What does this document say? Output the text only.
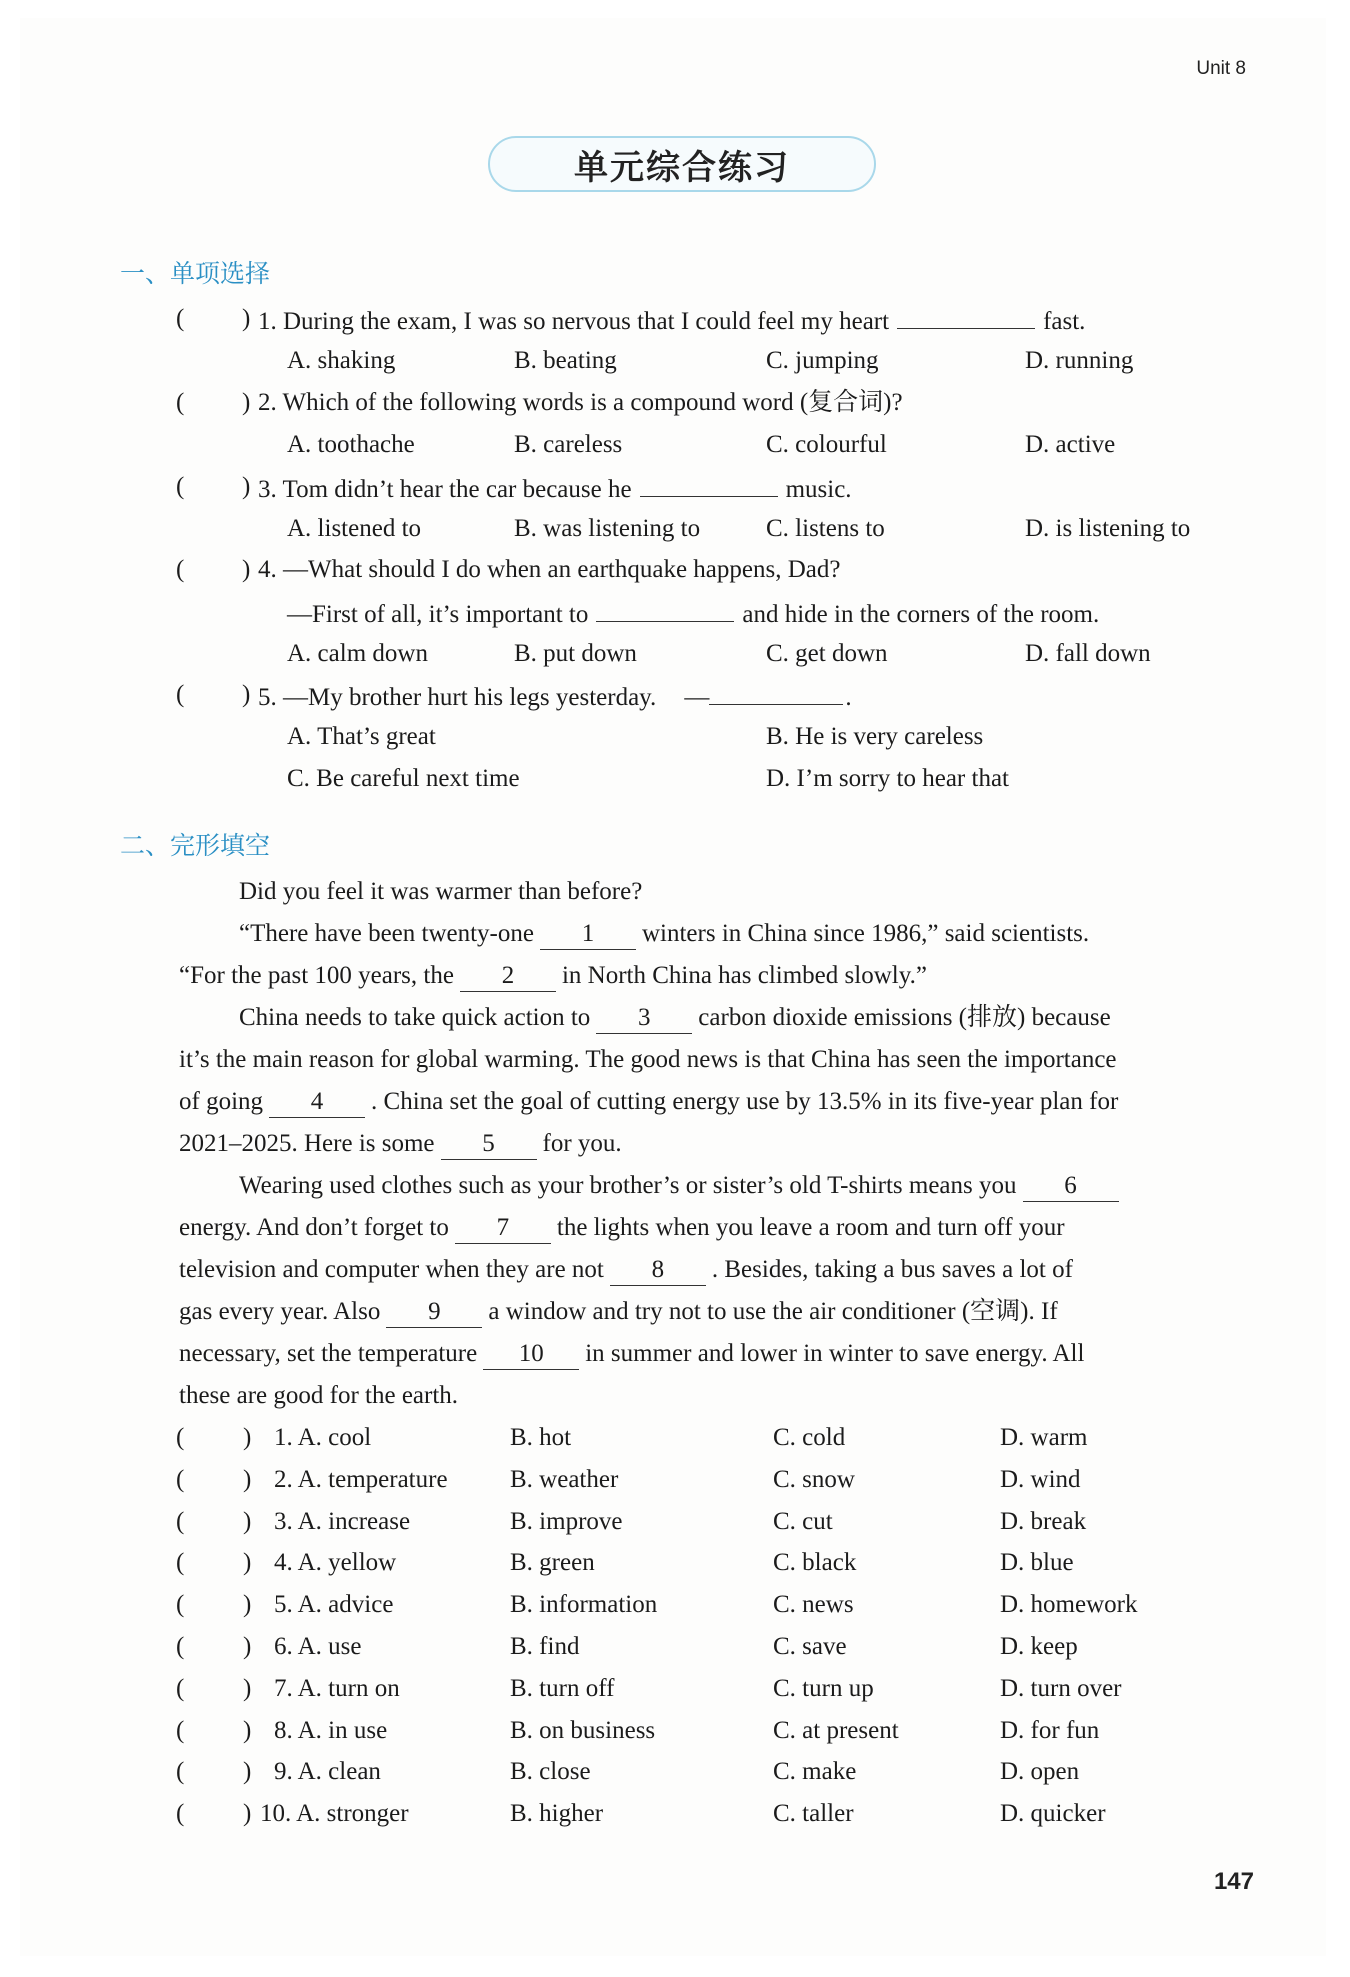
Unit 8
单元综合练习
一、单项选择
( ) 1. During the exam, I was so nervous that I could feel my heart	fast.
A. shaking	B. beating	C. jumping	D. running
( ) 2. Which of the following words is a compound word (复合词)?
A. toothache	B. careless	C. colourful	D. active
( ) 3. Tom didn’t hear the car because he	music.
A. listened to	B. was listening to	C. listens to	D. is listening to
( ) 4. —What should I do when an earthquake happens, Dad?
—First of all, it’s important to	and hide in the corners of the room.
A. calm down	B. put down	C. get down	D. fall down
( ) 5. —My brother hurt his legs yesterday. —	.
A. That’s great	B. He is very careless
C. Be careful next time	D. I’m sorry to hear that
二、完形填空
Did you feel it was warmer than before?
“There have been twenty-one 1 winters in China since 1986,” said scientists.
“For the past 100 years, the 2 in North China has climbed slowly.”
China needs to take quick action to 3 carbon dioxide emissions (排放) because
it’s the main reason for global warming. The good news is that China has seen the importance
of going 4 . China set the goal of cutting energy use by 13.5% in its five-year plan for
2021–2025. Here is some 5 for you.
Wearing used clothes such as your brother’s or sister’s old T-shirts means you 6
energy. And don’t forget to 7 the lights when you leave a room and turn off your
television and computer when they are not 8 . Besides, taking a bus saves a lot of
gas every year. Also 9 a window and try not to use the air conditioner (空调). If
necessary, set the temperature 10 in summer and lower in winter to save energy. All
these are good for the earth.
( ) 1. A. cool	B. hot	C. cold	D. warm
( ) 2. A. temperature B. weather	C. snow	D. wind
( ) 3. A. increase	B. improve	C. cut	D. break
( ) 4. A. yellow	B. green	C. black	D. blue
( ) 5. A. advice	B. information	C. news	D. homework
( ) 6. A. use	B. find	C. save	D. keep
( ) 7. A. turn on	B. turn off	C. turn up	D. turn over
( ) 8. A. in use	B. on business	C. at present	D. for fun
( ) 9. A. clean	B. close	C. make	D. open
( ) 10. A. stronger	B. higher	C. taller	D. quicker
147
